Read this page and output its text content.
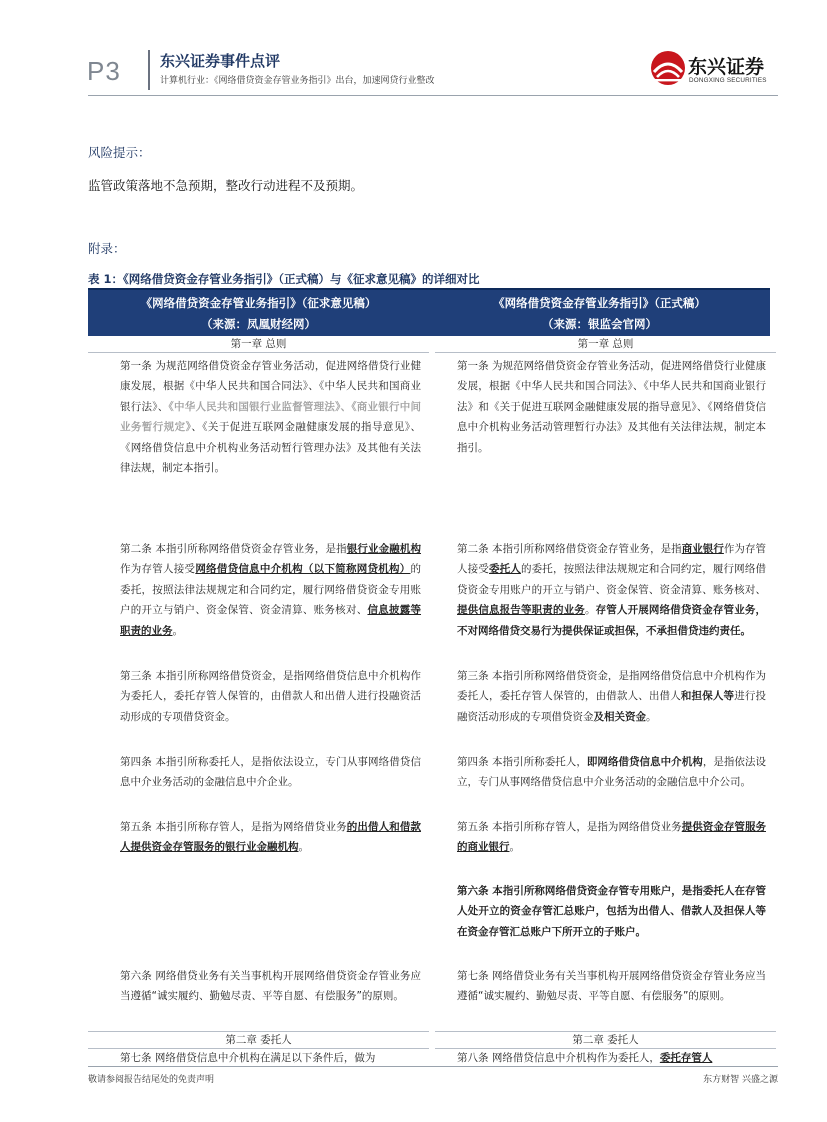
P3	东兴证券事件点评
计算机行业：《网络借贷资金存管业务指引》出台，加速网贷行业整改
东兴证券
DONGXING SECURITIES
风险提示：
监管政策落地不急预期，整改行动进程不及预期。
附录：
表 1：《网络借贷资金存管业务指引》（正式稿）与《征求意见稿》的详细对比
《网络借贷资金存管业务指引》（征求意见稿）
（来源：凤凰财经网）
《网络借贷资金存管业务指引》（正式稿）
（来源：银监会官网）
第一章 总则
第一条 为规范网络借贷资金存管业务活动，促进网络借贷行业健康发展，根据《中华人民共和国合同法》、《中华人民共和国商业银行法》、《中华人民共和国银行业监督管理法》、《商业银行中间业务暂行规定》、《关于促进互联网金融健康发展的指导意见》、《网络借贷信息中介机构业务活动暂行管理办法》及其他有关法律法规，制定本指引。
第二条 本指引所称网络借贷资金存管业务，是指银行业金融机构作为存管人接受网络借贷信息中介机构（以下简称网贷机构）的委托，按照法律法规规定和合同约定，履行网络借贷资金专用账户的开立与销户、资金保管、资金清算、账务核对、信息披露等职责的业务。
第三条 本指引所称网络借贷资金，是指网络借贷信息中介机构作为委托人，委托存管人保管的，由借款人和出借人进行投融资活动形成的专项借贷资金。
第四条 本指引所称委托人，是指依法设立，专门从事网络借贷信息中介业务活动的金融信息中介企业。
第五条 本指引所称存管人，是指为网络借贷业务的出借人和借款人提供资金存管服务的银行业金融机构。
第六条 网络借贷业务有关当事机构开展网络借贷资金存管业务应当遵循“诚实履约、勤勉尽责、平等自愿、有偿服务”的原则。
第二章 委托人
第七条 网络借贷信息中介机构在满足以下条件后，做为
第一章 总则
第一条 为规范网络借贷资金存管业务活动，促进网络借贷行业健康发展，根据《中华人民共和国合同法》、《中华人民共和国商业银行法》和《关于促进互联网金融健康发展的指导意见》、《网络借贷信息中介机构业务活动管理暂行办法》及其他有关法律法规，制定本指引。
第二条 本指引所称网络借贷资金存管业务，是指商业银行作为存管人接受委托人的委托，按照法律法规规定和合同约定，履行网络借贷资金专用账户的开立与销户、资金保管、资金清算、账务核对、提供信息报告等职责的业务。存管人开展网络借贷资金存管业务，不对网络借贷交易行为提供保证或担保，不承担借贷违约责任。
第三条 本指引所称网络借贷资金，是指网络借贷信息中介机构作为委托人，委托存管人保管的，由借款人、出借人和担保人等进行投融资活动形成的专项借贷资金及相关资金。
第四条 本指引所称委托人，即网络借贷信息中介机构，是指依法设立，专门从事网络借贷信息中介业务活动的金融信息中介公司。
第五条 本指引所称存管人，是指为网络借贷业务提供资金存管服务的商业银行。
第六条 本指引所称网络借贷资金存管专用账户，是指委托人在存管人处开立的资金存管汇总账户，包括为出借人、借款人及担保人等在资金存管汇总账户下所开立的子账户。
第七条 网络借贷业务有关当事机构开展网络借贷资金存管业务应当遵循“诚实履约、勤勉尽责、平等自愿、有偿服务”的原则。
第二章 委托人
第八条 网络借贷信息中介机构作为委托人，委托存管人
敬请参阅报告结尾处的免责声明	东方财智 兴盛之源
